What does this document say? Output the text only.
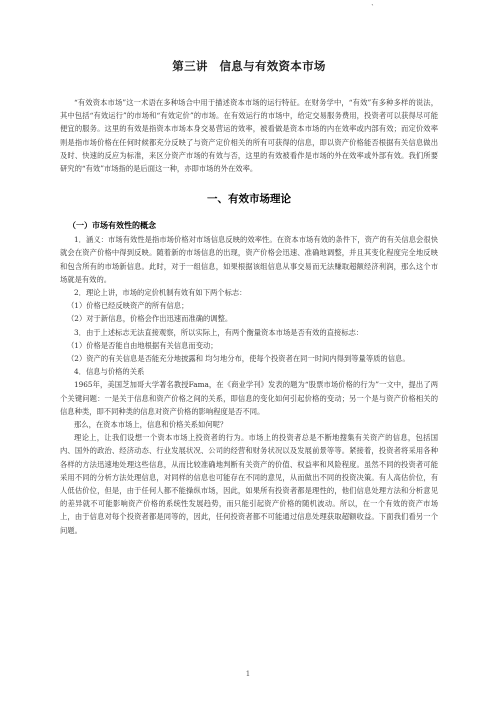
`
第三讲　信息与有效资本市场

“有效资本市场”这一术语在多种场合中用于描述资本市场的运行特征。在财务学中，“有效”有多种多样的说法，其中包括“有效运行”的市场和“有效定价”的市场。在有效运行的市场中，给定交易服务费用，投资者可以获得尽可能便宜的服务。这里的有效是指资本市场本身交易营运的效率，被看做是资本市场的内在效率或内部有效；而定价效率则是指市场价格在任何时候都充分反映了与资产定价相关的所有可获得的信息，即以资产价格能否根据有关信息做出及时、快速的反应为标准，来区分资产市场的有效与否，这里的有效被看作是市场的外在效率或外部有效。我们所要研究的“有效”市场指的是后面这一种，亦即市场的外在效率。

一、有效市场理论
（一）市场有效性的概念

1．涵义：市场有效性是指市场价格对市场信息反映的效率性。在资本市场有效的条件下，资产的有关信息会很快就会在资产价格中得到反映。随着新的市场信息的出现，资产价格会迅速、准确地调整，并且其变化程度完全地反映和包含所有的市场新信息。此时，对于一组信息，如果根据该组信息从事交易而无法赚取超额经济利润，那么这个市场就是有效的。

2．理论上讲，市场的定价机制有效有如下两个标志：

（1）价格已经反映资产的所有信息；

（2）对于新信息，价格会作出迅速而准确的调整。

3．由于上述标志无法直接观察，所以实际上，有两个衡量资本市场是否有效的直接标志：

（1）价格是否能自由地根据有关信息而变动；

（2）资产的有关信息是否能充分地披露和 均匀地分布，使每个投资者在同一时间内得到等量等质的信息。

4．信息与价格的关系

1965年，美国芝加哥大学著名教授Fama，在《商业学刊》发表的题为“股票市场价格的行为”一文中，提出了两个关键问题：一是关于信息和资产价格之间的关系，即信息的变化如何引起价格的变动；另一个是与资产价格相关的信息种类，即不同种类的信息对资产价格的影响程度是否不同。

那么，在资本市场上，信息和价格关系如何呢？

理论上，让我们设想一个资本市场上投资者的行为。市场上的投资者总是不断地搜集有关资产的信息，包括国内、国外的政治、经济动态、行业发展状况、公司的经营和财务状况以及发展前景等等。紧接着，投资者将采用各种各样的方法迅速地处理这些信息，从而比较准确地判断有关资产的价值、权益率和风险程度。虽然不同的投资者可能采用不同的分析方法处理信息，对同样的信息也可能存在不同的意见，从而做出不同的投资决策。有人高估价位，有人低估价位，但是，由于任何人都不能操纵市场，因此，如果所有投资者都是理性的，他们信息处理方法和分析意见的差异就不可能影响资产价格的系统性发展趋势，而只能引起资产价格的随机波动。所以，在一个有效的资产市场上，由于信息对每个投资者都是同等的，因此，任何投资者都不可能通过信息处理获取超额收益。下面我们看另一个问题。

1
